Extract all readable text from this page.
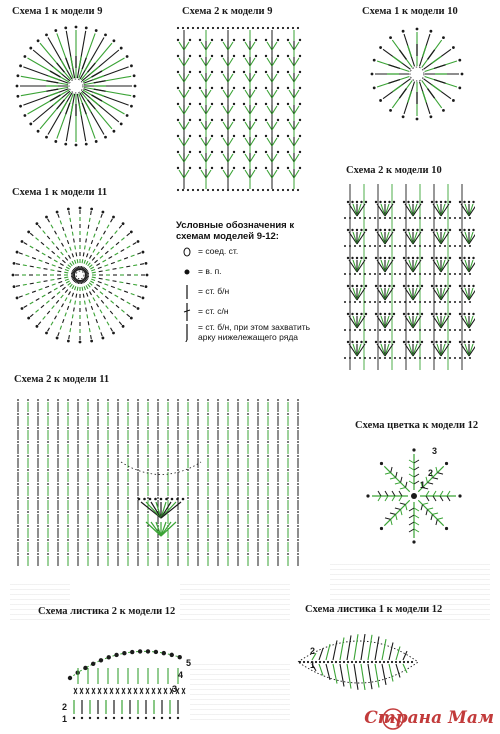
Схема 1 к модели 9	Схема 2 к модели 9	Схема 1 к модели 10
Схема 2 к модели 10
Схема 1 к модели 11
Схема 2 к модели 11
Схема цветка к модели 12
Схема листика 2 к модели 12	Схема листика 1 к модели 12
Условные обозначения к схемам моделей 9-12:
= соед. ст.
= в. п.
= ст. б/н
= ст. с/н
= ст. б/н, при этом захватить арку нижележащего ряда
3
2
1
5
4
3
2
1
2
1
Страна Мам
